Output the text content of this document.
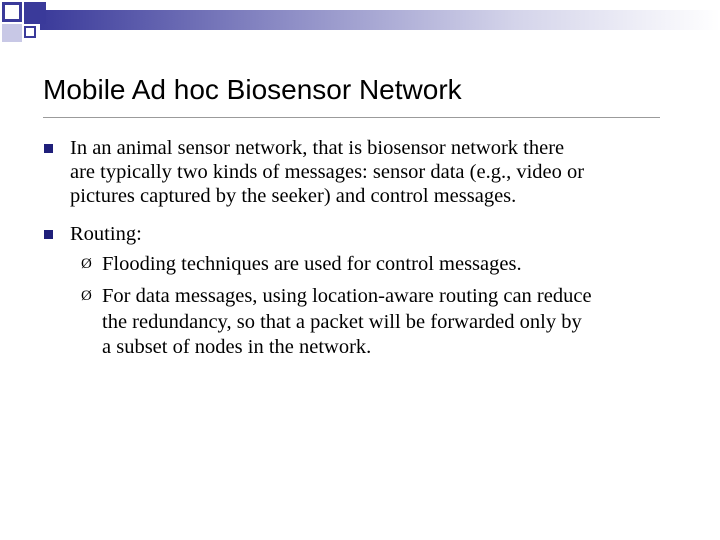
Mobile Ad hoc Biosensor Network
In an animal sensor network, that is biosensor network there
are typically two kinds of messages: sensor data (e.g., video or
pictures captured by the seeker) and control messages.
Routing:
Ø Flooding techniques are used for control messages.
Ø For data messages, using location-aware routing can reduce
the redundancy, so that a packet will be forwarded only by
a subset of nodes in the network.
